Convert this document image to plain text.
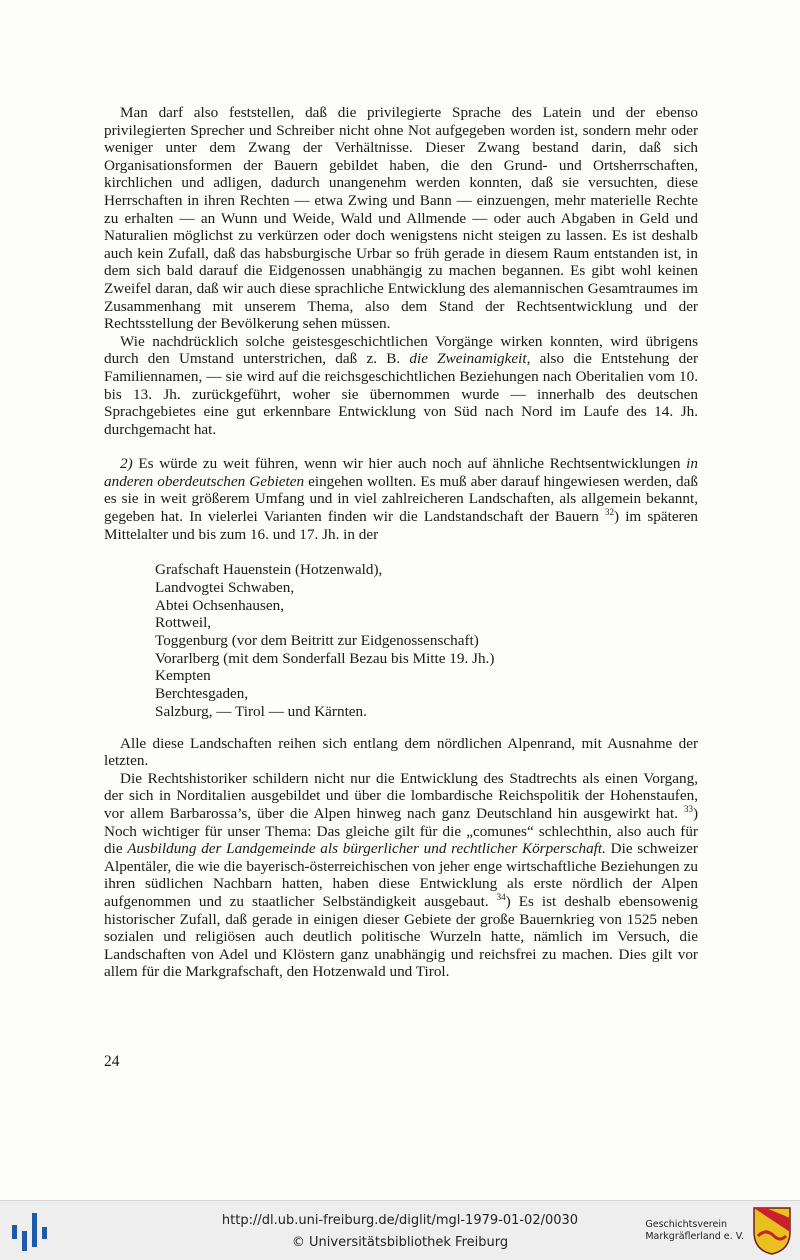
Man darf also feststellen, daß die privilegierte Sprache des Latein und der ebenso privilegierten Sprecher und Schreiber nicht ohne Not aufgegeben worden ist, sondern mehr oder weniger unter dem Zwang der Verhältnisse. Dieser Zwang bestand darin, daß sich Organisationsformen der Bauern gebildet haben, die den Grund- und Ortsherrschaften, kirchlichen und adligen, dadurch unangenehm werden konnten, daß sie versuchten, diese Herrschaften in ihren Rechten — etwa Zwing und Bann — einzuengen, mehr materielle Rechte zu erhalten — an Wunn und Weide, Wald und Allmende — oder auch Abgaben in Geld und Naturalien möglichst zu verkürzen oder doch wenigstens nicht steigen zu lassen. Es ist deshalb auch kein Zufall, daß das habsburgische Urbar so früh gerade in diesem Raum entstanden ist, in dem sich bald darauf die Eidgenossen unabhängig zu machen begannen. Es gibt wohl keinen Zweifel daran, daß wir auch diese sprachliche Entwicklung des alemannischen Gesamtraumes im Zusammenhang mit unserem Thema, also dem Stand der Rechtsentwicklung und der Rechtsstellung der Bevölkerung sehen müssen.

Wie nachdrücklich solche geistesgeschichtlichen Vorgänge wirken konnten, wird übrigens durch den Umstand unterstrichen, daß z. B. die Zweinamigkeit, also die Entstehung der Familiennamen, — sie wird auf die reichsgeschichtlichen Beziehungen nach Oberitalien vom 10. bis 13. Jh. zurückgeführt, woher sie übernommen wurde — innerhalb des deutschen Sprachgebietes eine gut erkennbare Entwicklung von Süd nach Nord im Laufe des 14. Jh. durchgemacht hat.

2) Es würde zu weit führen, wenn wir hier auch noch auf ähnliche Rechtsentwicklungen in anderen oberdeutschen Gebieten eingehen wollten. Es muß aber darauf hingewiesen werden, daß es sie in weit größerem Umfang und in viel zahlreicheren Landschaften, als allgemein bekannt, gegeben hat. In vielerlei Varianten finden wir die Landstandschaft der Bauern $^{32}$) im späteren Mittelalter und bis zum 16. und 17. Jh. in der

Grafschaft Hauenstein (Hotzenwald),
Landvogtei Schwaben,
Abtei Ochsenhausen,
Rottweil,
Toggenburg (vor dem Beitritt zur Eidgenossenschaft)
Vorarlberg (mit dem Sonderfall Bezau bis Mitte 19. Jh.)
Kempten
Berchtesgaden,
Salzburg, — Tirol — und Kärnten.

Alle diese Landschaften reihen sich entlang dem nördlichen Alpenrand, mit Ausnahme der letzten.

Die Rechtshistoriker schildern nicht nur die Entwicklung des Stadtrechts als einen Vorgang, der sich in Norditalien ausgebildet und über die lombardische Reichspolitik der Hohenstaufen, vor allem Barbarossa’s, über die Alpen hinweg nach ganz Deutschland hin ausgewirkt hat. $^{33}$) Noch wichtiger für unser Thema: Das gleiche gilt für die „comunes“ schlechthin, also auch für die Ausbildung der Landgemeinde als bürgerlicher und rechtlicher Körperschaft. Die schweizer Alpentäler, die wie die bayerisch-österreichischen von jeher enge wirtschaftliche Beziehungen zu ihren südlichen Nachbarn hatten, haben diese Entwicklung als erste nördlich der Alpen aufgenommen und zu staatlicher Selbständigkeit ausgebaut. $^{34}$) Es ist deshalb ebensowenig historischer Zufall, daß gerade in einigen dieser Gebiete der große Bauernkrieg von 1525 neben sozialen und religiösen auch deutlich politische Wurzeln hatte, nämlich im Versuch, die Landschaften von Adel und Klöstern ganz unabhängig und reichsfrei zu machen. Dies gilt vor allem für die Markgrafschaft, den Hotzenwald und Tirol.

24
http://dl.ub.uni-freiburg.de/diglit/mgl-1979-01-02/0030
© Universitätsbibliothek Freiburg
Geschichtsverein
Markgräflerland e. V.
